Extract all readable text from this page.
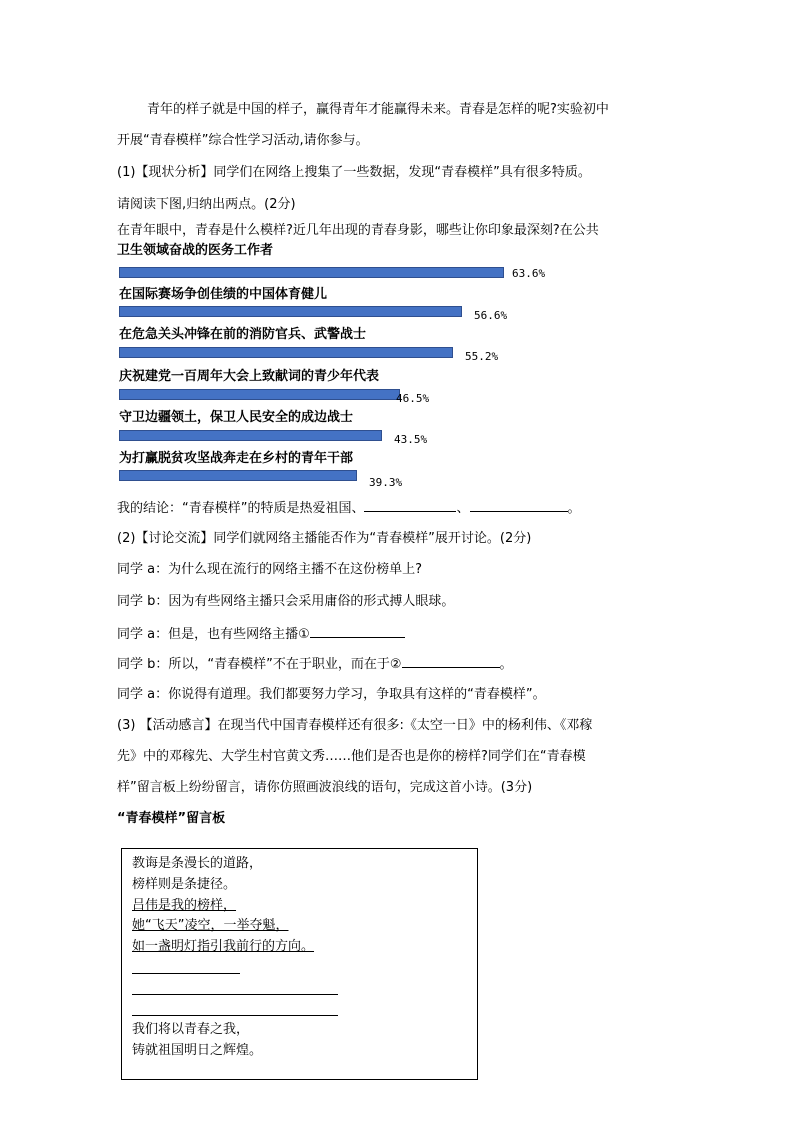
青年的样子就是中国的样子，赢得青年才能赢得未来。青春是怎样的呢?实验初中
开展“青春模样”综合性学习活动,请你参与。
(1)【现状分析】同学们在网络上搜集了一些数据，发现“青春模样”具有很多特质。
请阅读下图,归纳出两点。(2分)
在青年眼中，青春是什么模样?近几年出现的青春身影，哪些让你印象最深刻?在公共
卫生领域奋战的医务工作者
63.6%
在国际赛场争创佳绩的中国体育健儿
56.6%
在危急关头冲锋在前的消防官兵、武警战士
55.2%
庆祝建党一百周年大会上致献词的青少年代表
46.5%
守卫边疆领土，保卫人民安全的成边战士
43.5%
为打赢脱贫攻坚战奔走在乡村的青年干部
39.3%
我的结论：“青春模样”的特质是热爱祖国、	、	。
(2)【讨论交流】同学们就网络主播能否作为“青春模样”展开讨论。(2分)
同学 a：为什么现在流行的网络主播不在这份榜单上?
同学 b：因为有些网络主播只会采用庸俗的形式搏人眼球。
同学 a：但是，也有些网络主播①
同学 b：所以，“青春模样”不在于职业，而在于②	。
同学 a：你说得有道理。我们都要努力学习，争取具有这样的“青春模样”。
(3) 【活动感言】在现当代中国青春模样还有很多:《太空一日》中的杨利伟、《邓稼
先》中的邓稼先、大学生村官黄文秀……他们是否也是你的榜样?同学们在“青春模
样”留言板上纷纷留言，请你仿照画波浪线的语句，完成这首小诗。(3分)
“青春模样”留言板
教诲是条漫长的道路，
榜样则是条捷径。
吕伟是我的榜样，
她“飞天”凌空，一举夺魁，
如一盏明灯指引我前行的方向。
我们将以青春之我，
铸就祖国明日之辉煌。
